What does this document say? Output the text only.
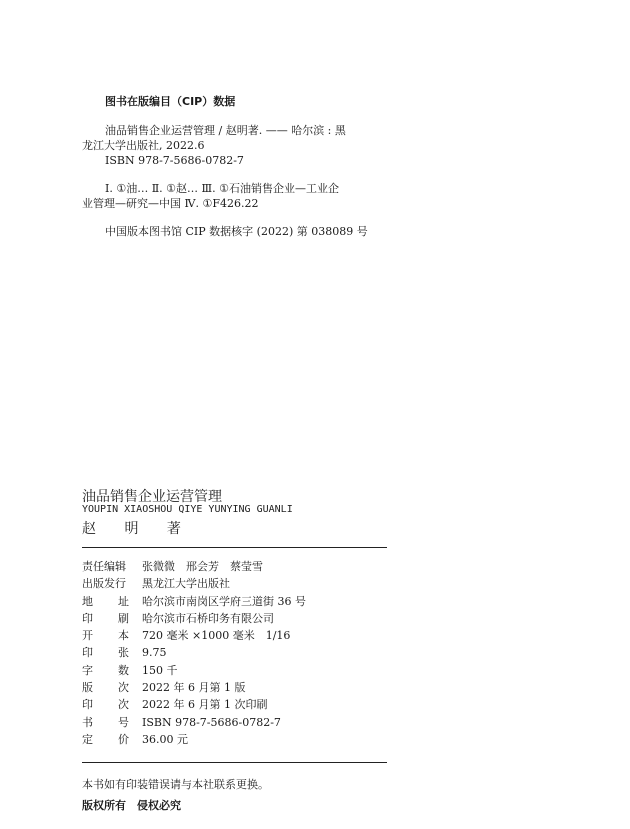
图书在版编目（CIP）数据
油品销售企业运营管理 / 赵明著. —— 哈尔滨 : 黑
龙江大学出版社, 2022.6
ISBN 978-7-5686-0782-7
Ⅰ. ①油… Ⅱ. ①赵… Ⅲ. ①石油销售企业—工业企
业管理—研究—中国 Ⅳ. ①F426.22
中国版本图书馆 CIP 数据核字 (2022) 第 038089 号
油品销售企业运营管理
YOUPIN XIAOSHOU QIYE YUNYING GUANLI
赵 明 著
责任编辑 张微微　邢会芳　蔡莹雪
出版发行 黑龙江大学出版社
地 址 哈尔滨市南岗区学府三道街 36 号
印 刷 哈尔滨市石桥印务有限公司
开 本 720 毫米 ×1000 毫米　1/16
印 张 9.75
字 数 150 千
版 次 2022 年 6 月第 1 版
印 次 2022 年 6 月第 1 次印刷
书 号 ISBN 978-7-5686-0782-7
定 价 36.00 元
本书如有印装错误请与本社联系更换。
版权所有　侵权必究
